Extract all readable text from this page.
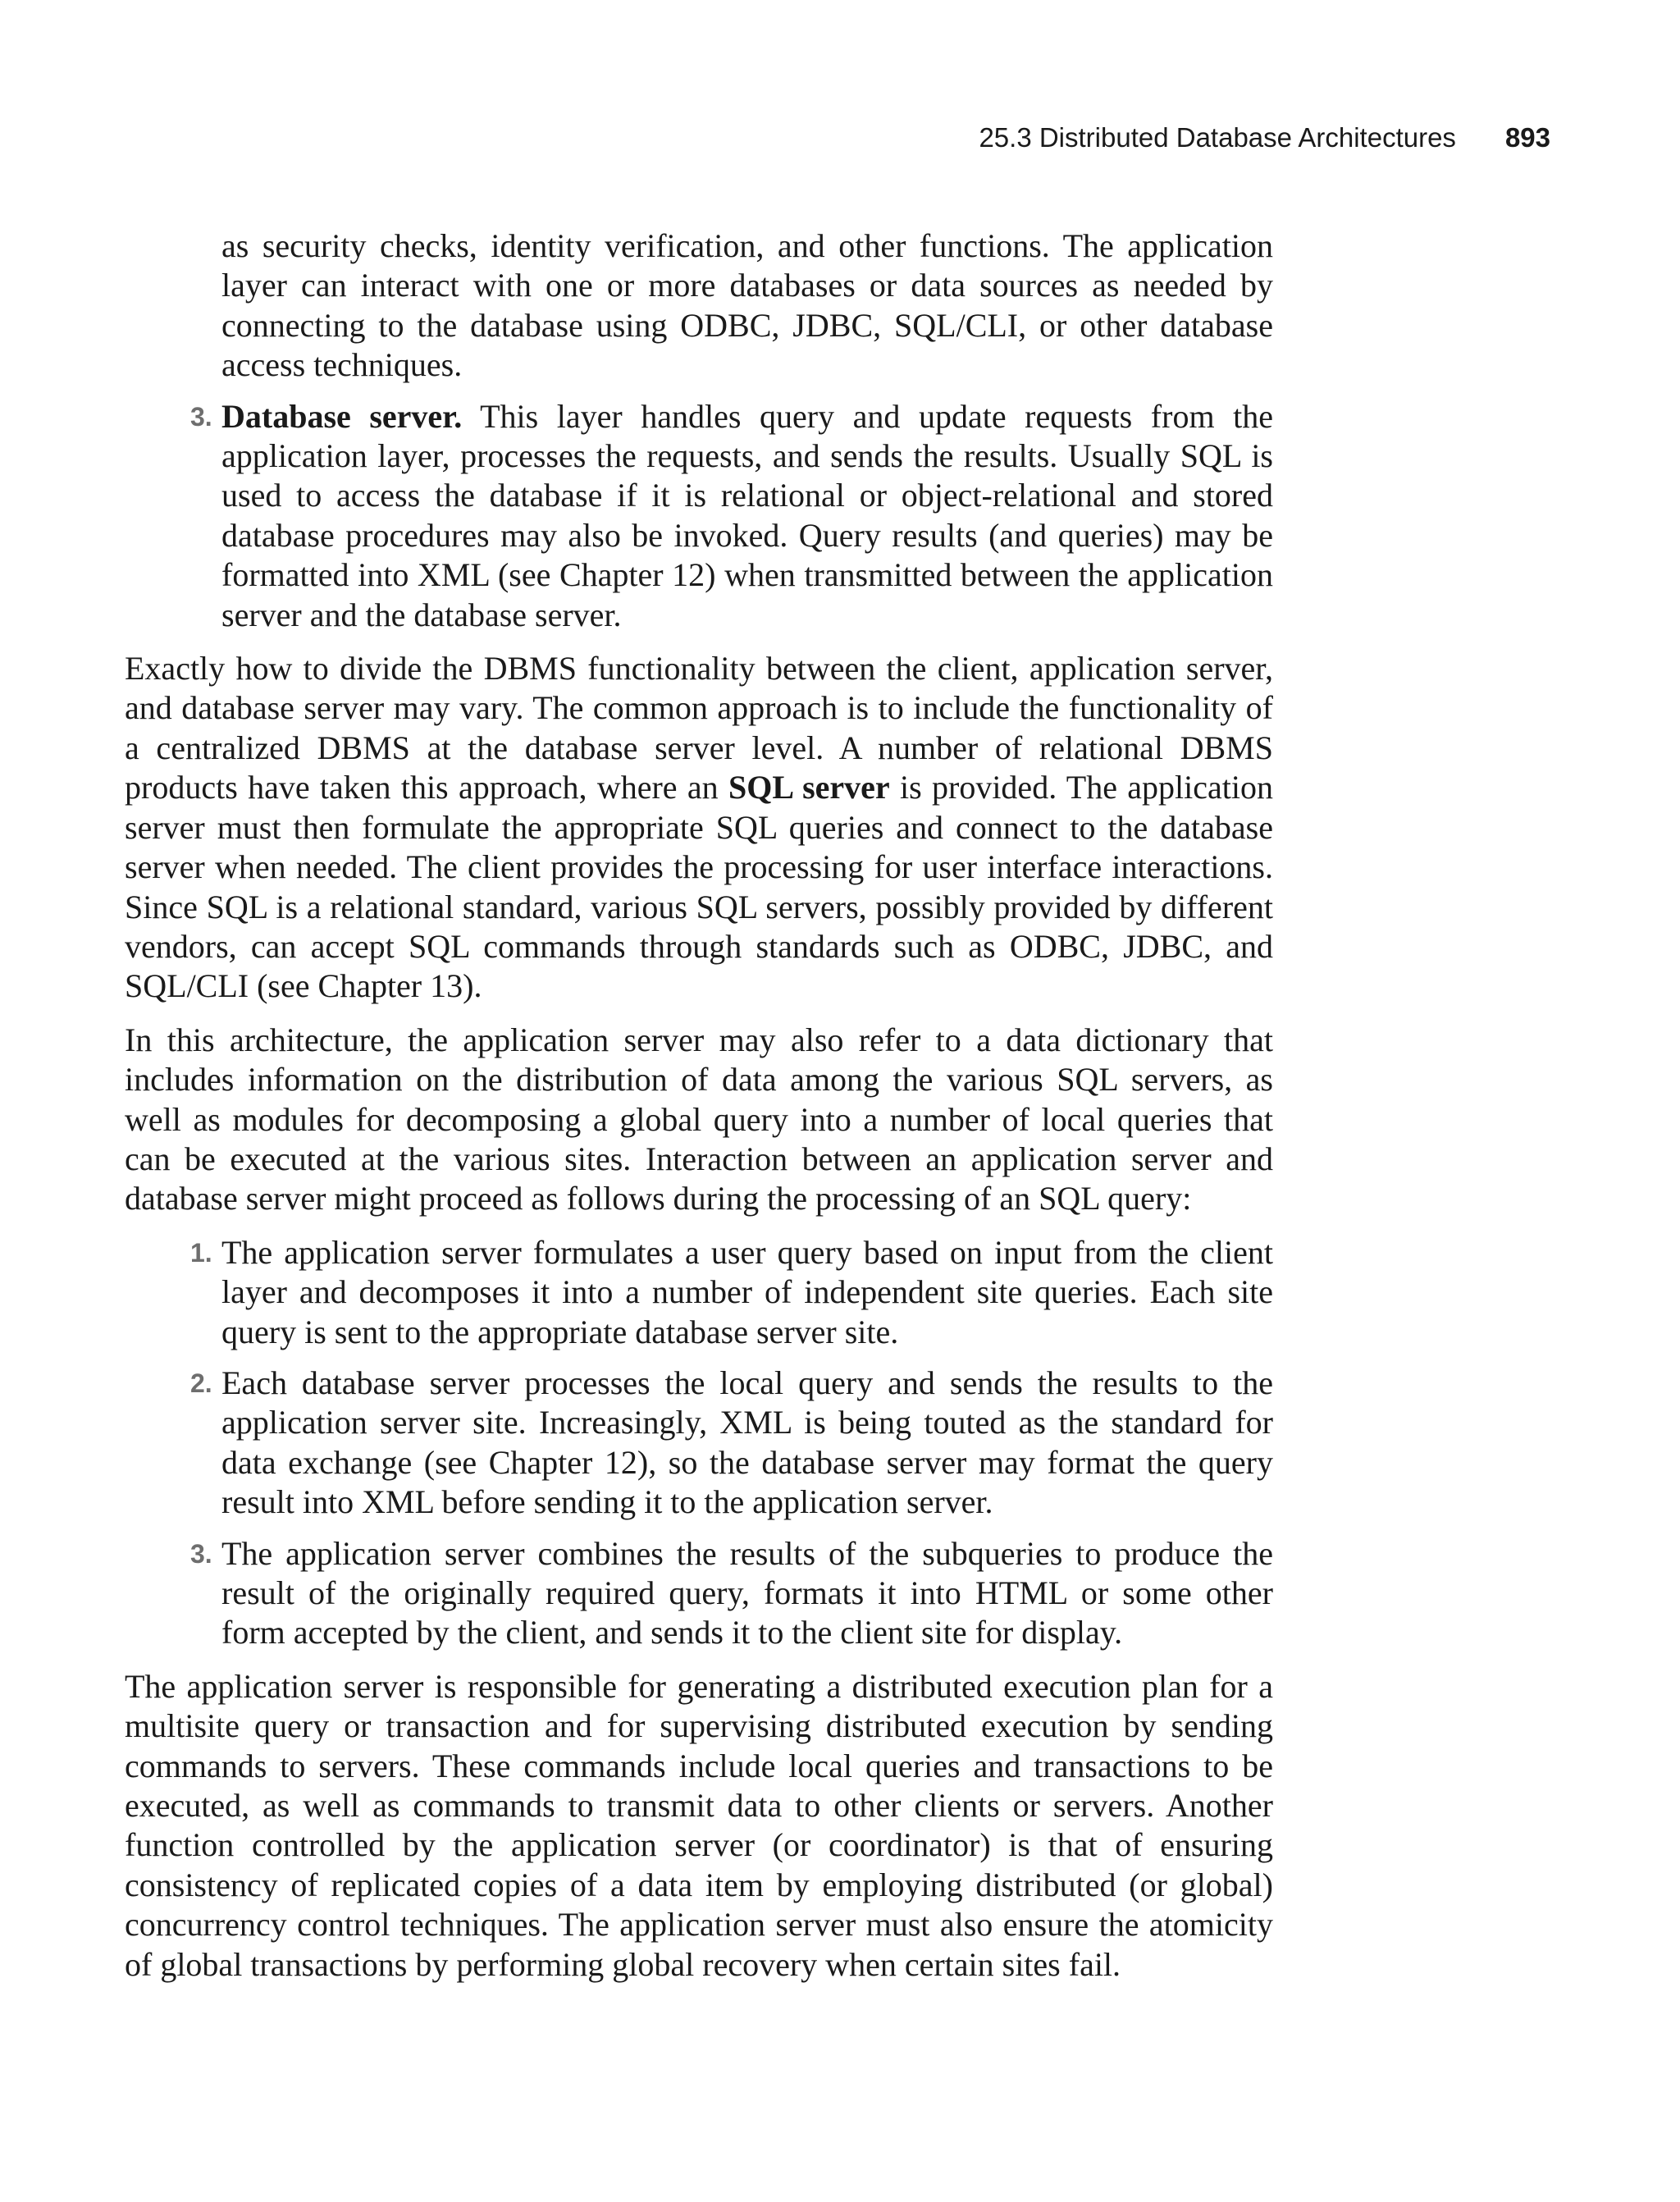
25.3 Distributed Database Architectures 893

as security checks, identity verification, and other functions. The application layer can interact with one or more databases or data sources as needed by connecting to the database using ODBC, JDBC, SQL/CLI, or other database access techniques.

3. Database server. This layer handles query and update requests from the application layer, processes the requests, and sends the results. Usually SQL is used to access the database if it is relational or object-relational and stored database procedures may also be invoked. Query results (and queries) may be formatted into XML (see Chapter 12) when transmitted between the application server and the database server.

Exactly how to divide the DBMS functionality between the client, application server, and database server may vary. The common approach is to include the functionality of a centralized DBMS at the database server level. A number of relational DBMS products have taken this approach, where an SQL server is provided. The application server must then formulate the appropriate SQL queries and connect to the database server when needed. The client provides the processing for user interface interactions. Since SQL is a relational standard, various SQL servers, possibly provided by different vendors, can accept SQL commands through standards such as ODBC, JDBC, and SQL/CLI (see Chapter 13).

In this architecture, the application server may also refer to a data dictionary that includes information on the distribution of data among the various SQL servers, as well as modules for decomposing a global query into a number of local queries that can be executed at the various sites. Interaction between an application server and database server might proceed as follows during the processing of an SQL query:

1. The application server formulates a user query based on input from the client layer and decomposes it into a number of independent site queries. Each site query is sent to the appropriate database server site.

2. Each database server processes the local query and sends the results to the application server site. Increasingly, XML is being touted as the standard for data exchange (see Chapter 12), so the database server may format the query result into XML before sending it to the application server.

3. The application server combines the results of the subqueries to produce the result of the originally required query, formats it into HTML or some other form accepted by the client, and sends it to the client site for display.

The application server is responsible for generating a distributed execution plan for a multisite query or transaction and for supervising distributed execution by sending commands to servers. These commands include local queries and transactions to be executed, as well as commands to transmit data to other clients or servers. Another function controlled by the application server (or coordinator) is that of ensuring consistency of replicated copies of a data item by employing distributed (or global) concurrency control techniques. The application server must also ensure the atomicity of global transactions by performing global recovery when certain sites fail.
